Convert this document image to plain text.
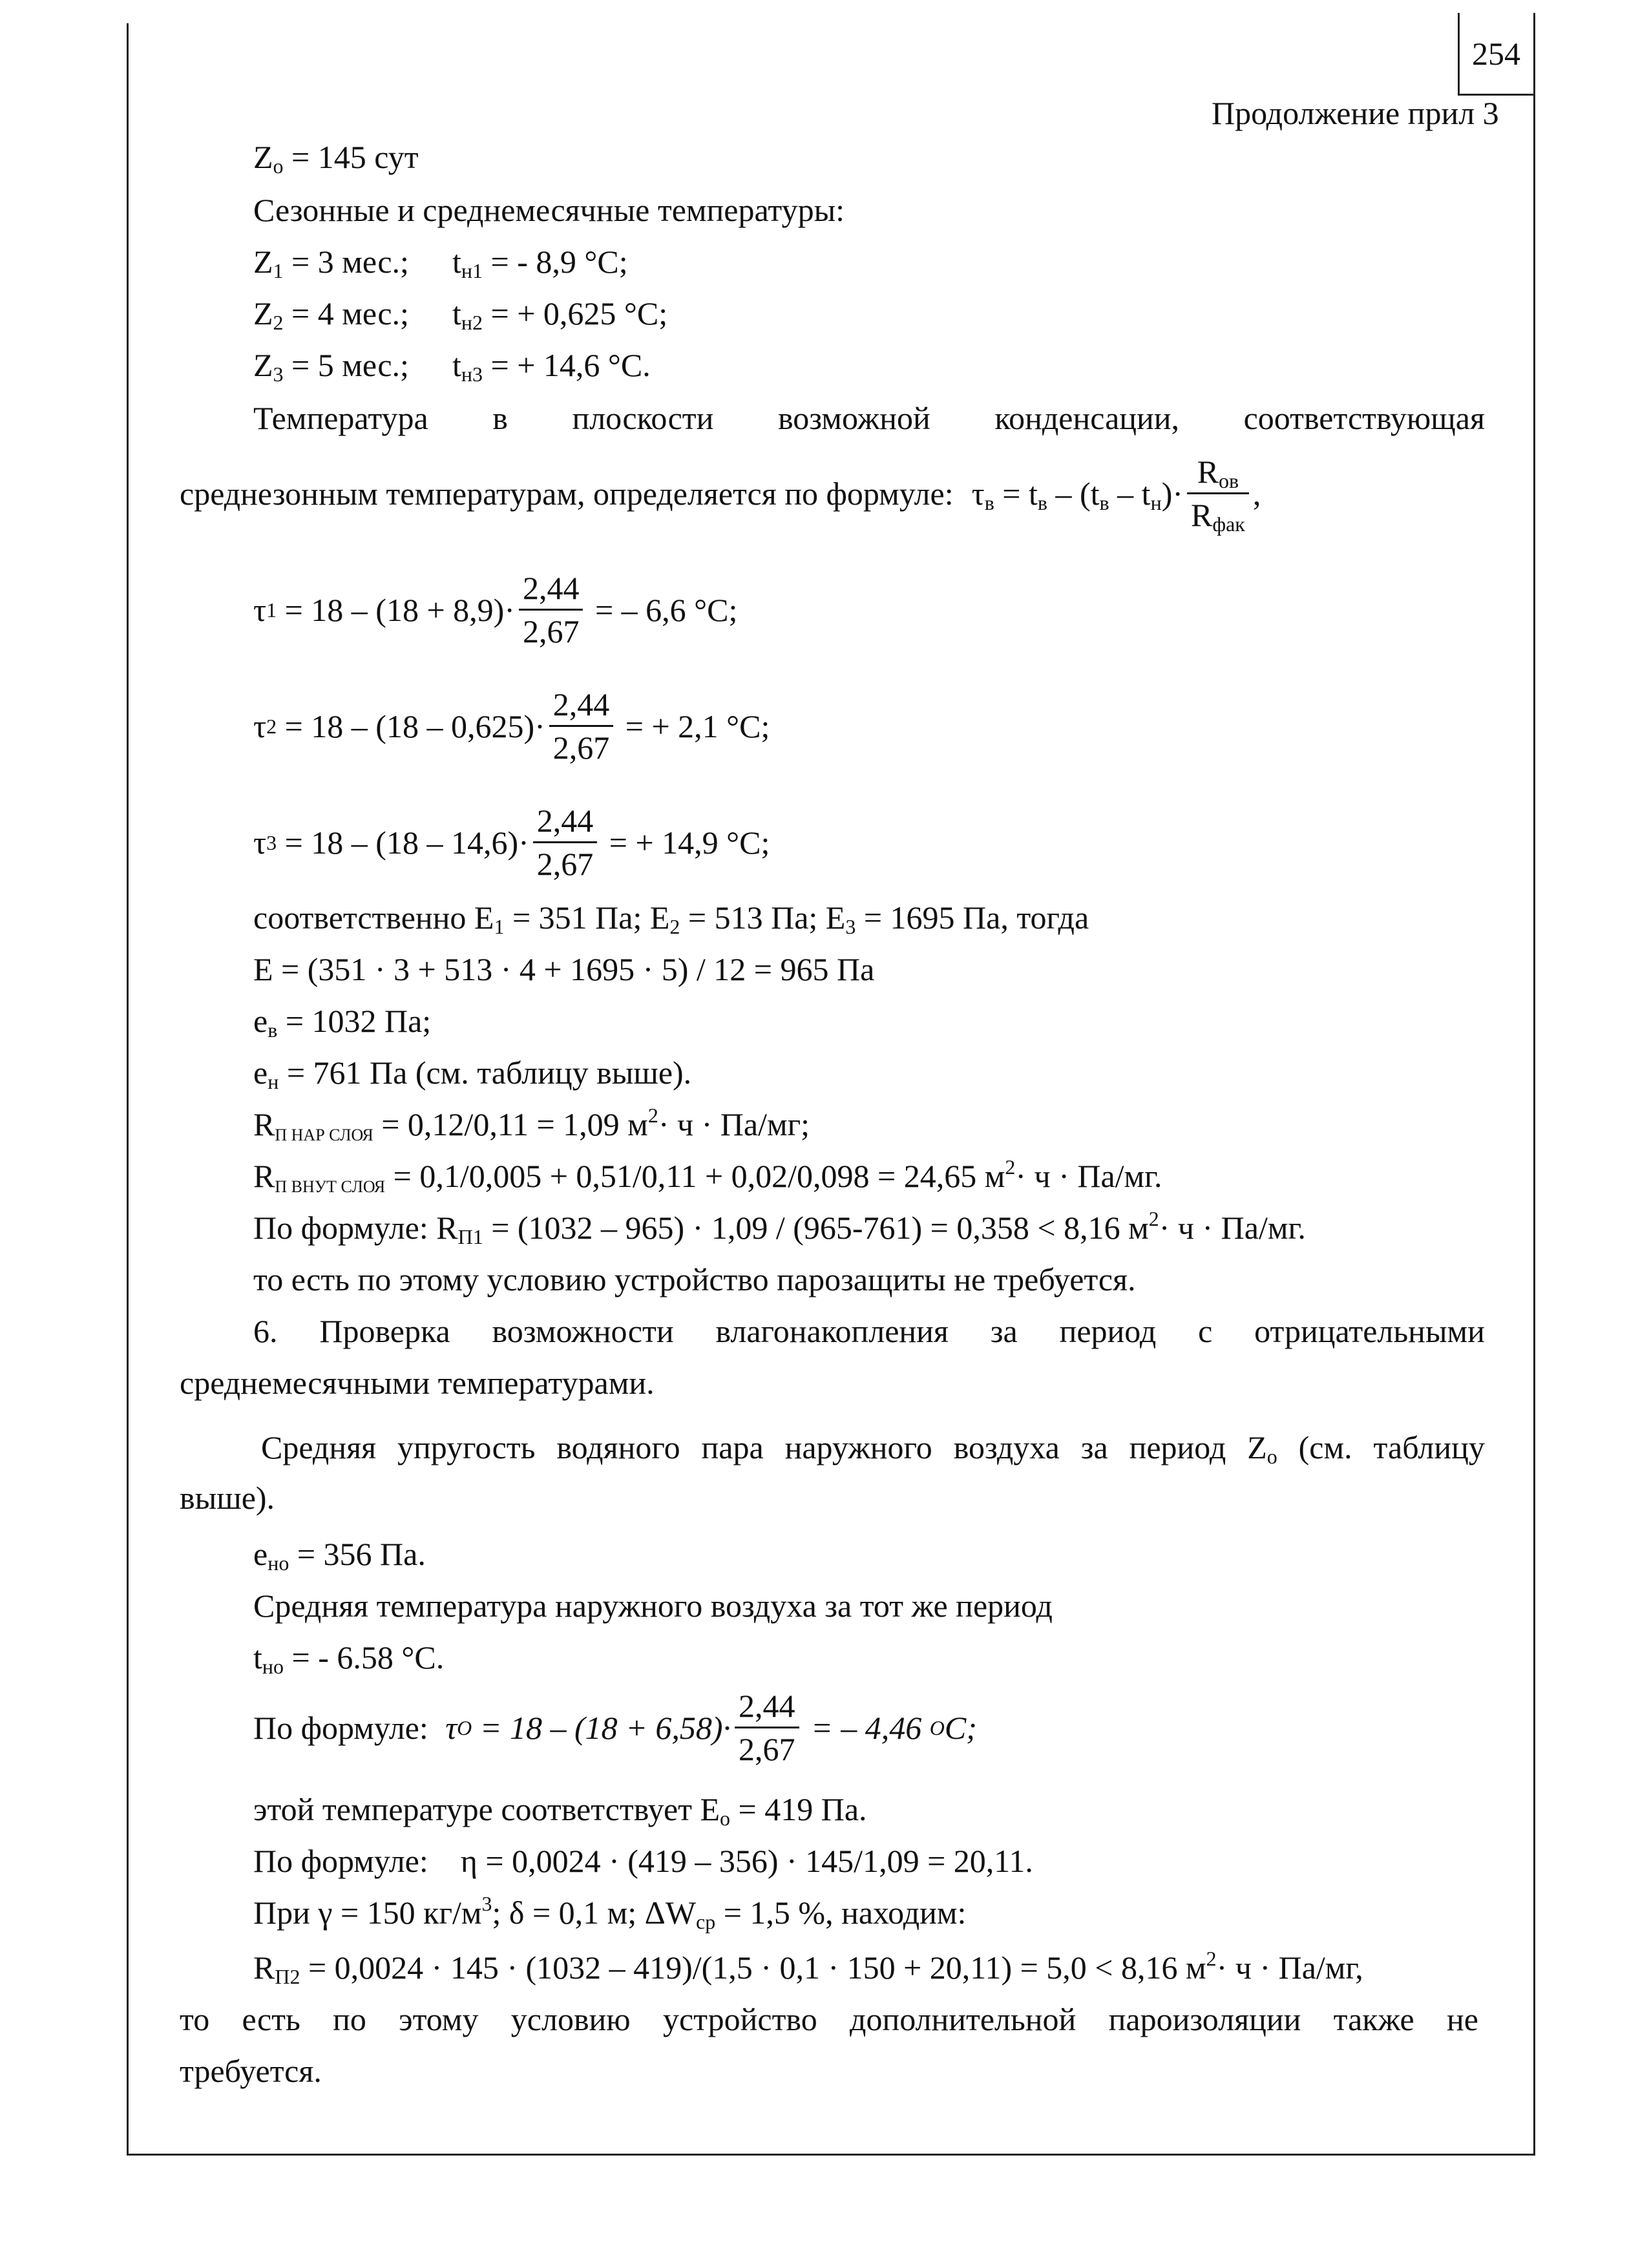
254
Продолжение прил 3
$Z_o = 145$ сут
Сезонные и среднемесячные температуры:
$Z_1 = 3$ мес.; $t_{н1}$ = - 8,9 °С;
$Z_2 = 4$ мес.; $t_{н2}$ = + 0,625 °С;
$Z_3 = 5$ мес.; $t_{н3}$ = + 14,6 °С.
Температура в плоскости возможной конденсации, соответствующая
среднезонным температурам, определяется по формуле: $\tau_в = t_в - (t_в - t_н)\cdot \frac{R_{ов}}{R_{фак}}$ ,
τ $1 = 18 - (18 + 8,9)\cdot \frac{2,44}{2,67}$ = – 6,6 °С;
τ $2 = 18 - (18 - 0,625)\cdot \frac{2,44}{2,67}$ = + 2,1 °С;
τ $3 = 18 - (18 - 14,6)\cdot \frac{2,44}{2,67}$ = + 14,9 °С;
соответственно $E_1 = 351$ Па; $E_2 = 513$ Па; $E_3 = 1695$ Па, тогда
E = (351 · 3 + 513 · 4 + 1695 · 5) / 12 = 965 Па
$e_в = 1032$ Па;
$e_н = 761$ Па (см. таблицу выше).
$R_{П НАР СЛОЯ} = 0,12/0,11 = 1,09$ $м^2\cdot ч \cdot Па/мг$;
$R_{П ВНУТ СЛОЯ} = 0,1/0,005 + 0,51/0,11 + 0,02/0,098 = 24,65$ $м^2\cdot ч \cdot Па/мг$.
По формуле: $R_{П1} = (1032 - 965) \cdot 1,09 / (965-761) = 0,358 < 8,16$ $м^2\cdot ч \cdot Па/мг$.
то есть по этому условию устройство парозащиты не требуется.
6. Проверка возможности влагонакопления за период с отрицательными
среднемесячными температурами.
Средняя упругость водяного пара наружного воздуха за период $Z_о$ (см. таблицу
выше).
$e_{но} = 356$ Па.
Средняя температура наружного воздуха за тот же период
$t_{но}$ = - 6.58 °С.
По формуле: τ $O = 18 - (18 + 6,58)\cdot \frac{2,44}{2,67}$ = – 4,46 O C;
этой температуре соответствует $E_о = 419$ Па.
По формуле:    η = 0,0024 · (419 – 356) · 145/1,09 = 20,11.
При γ = 150 $кг/м^3$; δ = 0,1 м; $\Delta W_{ср} = 1,5$ %, находим:
$R_{П2} = 0,0024 \cdot 145 \cdot (1032 - 419)/(1,5 \cdot 0,1 \cdot 150 + 20,11) = 5,0 < 8,16$ $м^2\cdot ч \cdot Па/мг$,
то есть по этому условию устройство дополнительной пароизоляции также не
требуется.
